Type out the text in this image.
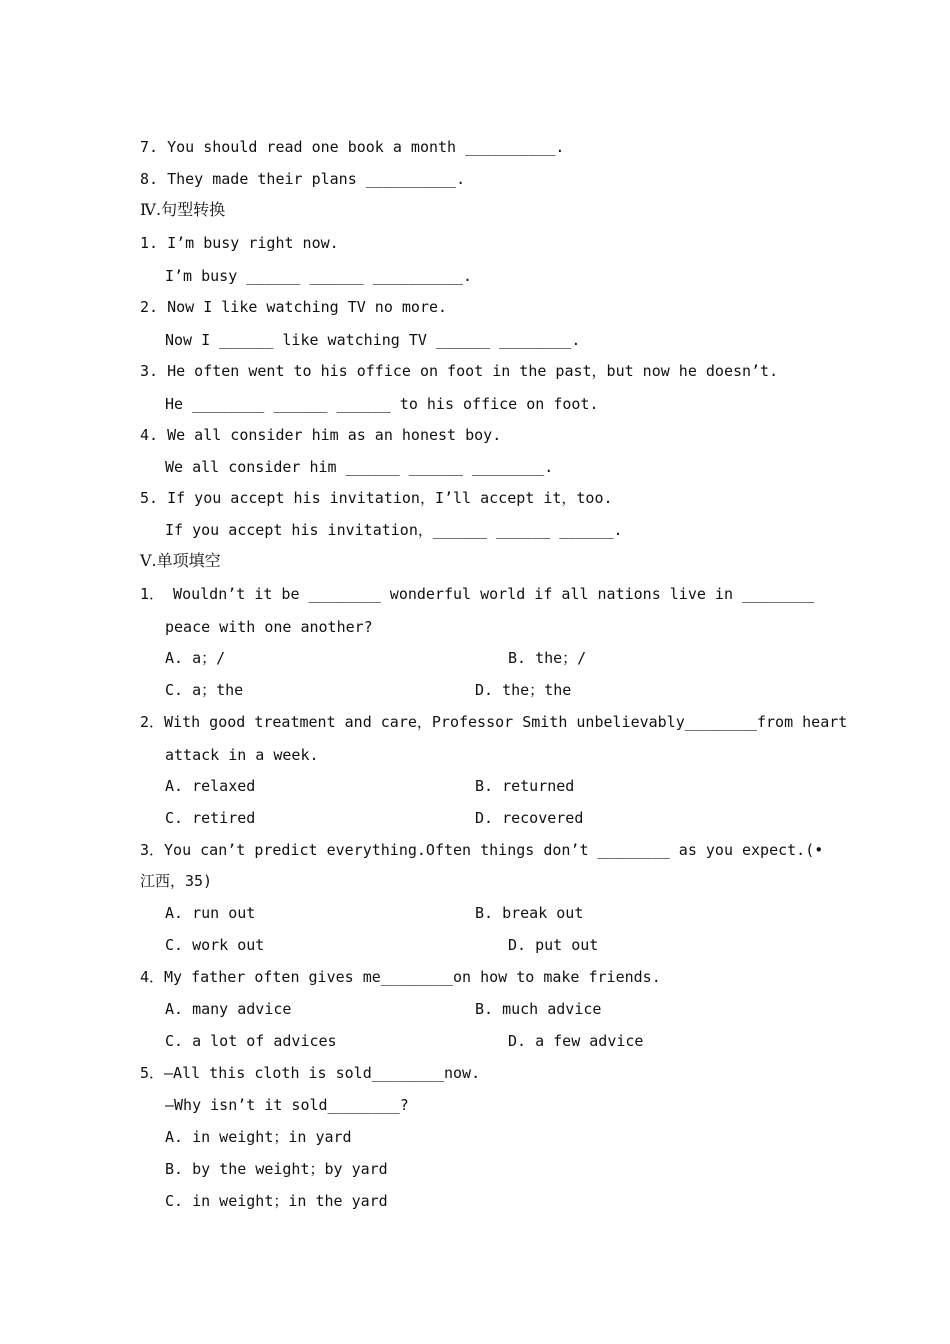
7. You should read one book a month __________.
8. They made their plans __________.
Ⅳ.句型转换
1. I’m busy right now.
I’m busy ______ ______ __________.
2. Now I like watching TV no more.
Now I ______ like watching TV ______ ________.
3. He often went to his office on foot in the past，but now he doesn’t.
He ________ ______ ______ to his office on foot.
4. We all consider him as an honest boy.
We all consider him ______ ______ ________.
5. If you accept his invitation，I’ll accept it，too.
If you accept his invitation，______ ______ ______.
Ⅴ.单项填空
1． Wouldn’t it be ________ wonderful world if all nations live in ________
peace with one another?
A. a；/	B. the；/
C. a；the	D. the；the
2．With good treatment and care，Professor Smith unbelievably________from heart
attack in a week.
A. relaxed	B. returned
C. retired	D. recovered
3．You can’t predict everything.Often things don’t ________ as you expect.(•
江西，35)
A. run out	B. break out
C. work out	D. put out
4．My father often gives me________on how to make friends.
A. many advice	B. much advice
C. a lot of advices	D. a few advice
5．—All this cloth is sold________now.
—Why isn’t it sold________?
A. in weight；in yard
B. by the weight；by yard
C. in weight；in the yard
